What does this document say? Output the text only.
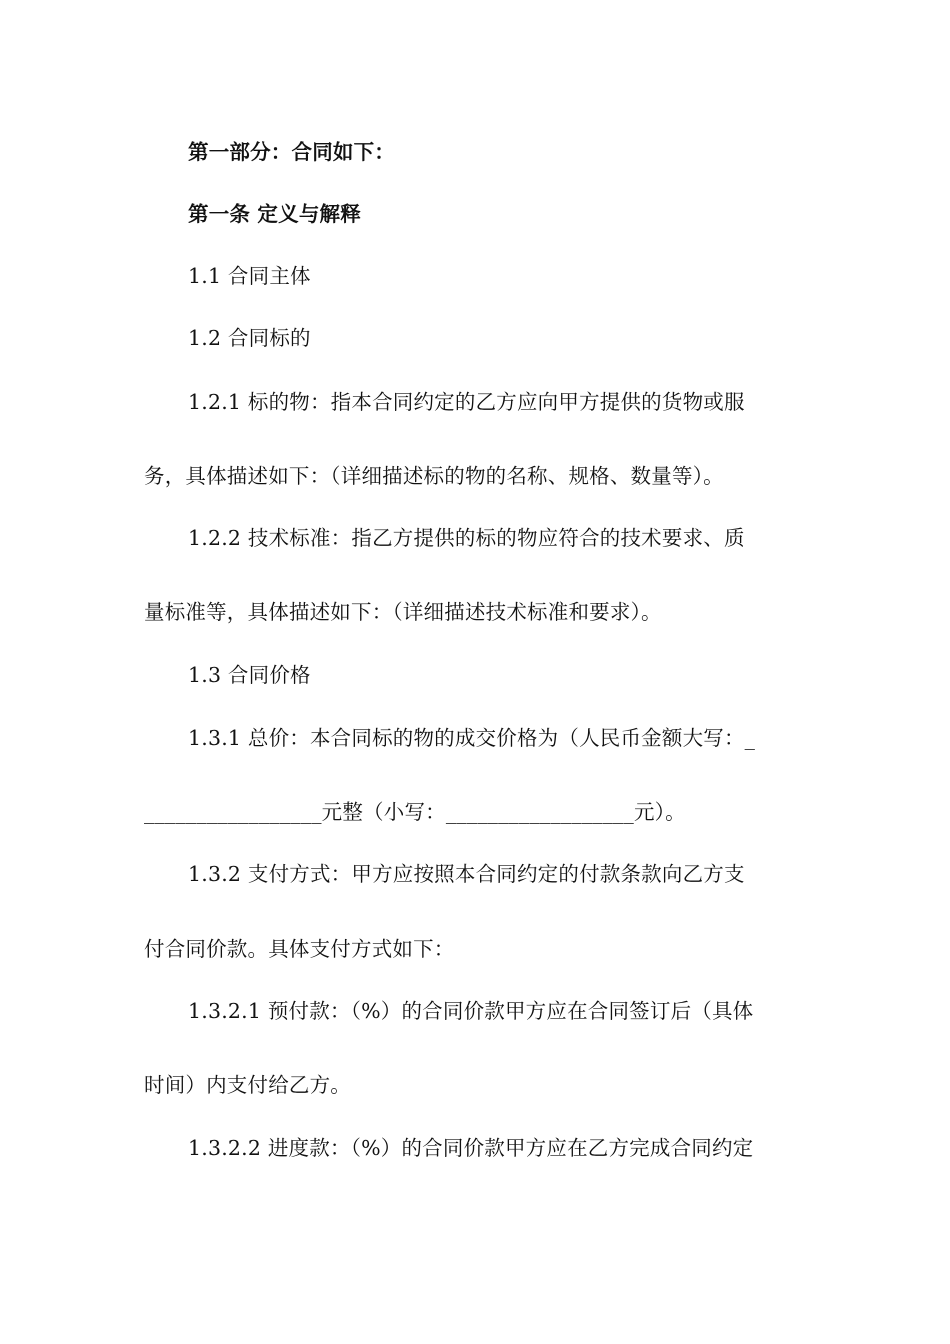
第一部分：合同如下：
第一条 定义与解释
1.1 合同主体
1.2 合同标的
1.2.1 标的物：指本合同约定的乙方应向甲方提供的货物或服
务，具体描述如下：（详细描述标的物的名称、规格、数量等）。
1.2.2 技术标准：指乙方提供的标的物应符合的技术要求、质
量标准等，具体描述如下：（详细描述技术标准和要求）。
1.3 合同价格
1.3.1 总价：本合同标的物的成交价格为（人民币金额大写：_
_________________元整（小写：__________________元）。
1.3.2 支付方式：甲方应按照本合同约定的付款条款向乙方支
付合同价款。具体支付方式如下：
1.3.2.1 预付款：（%）的合同价款甲方应在合同签订后（具体
时间）内支付给乙方。
1.3.2.2 进度款：（%）的合同价款甲方应在乙方完成合同约定
